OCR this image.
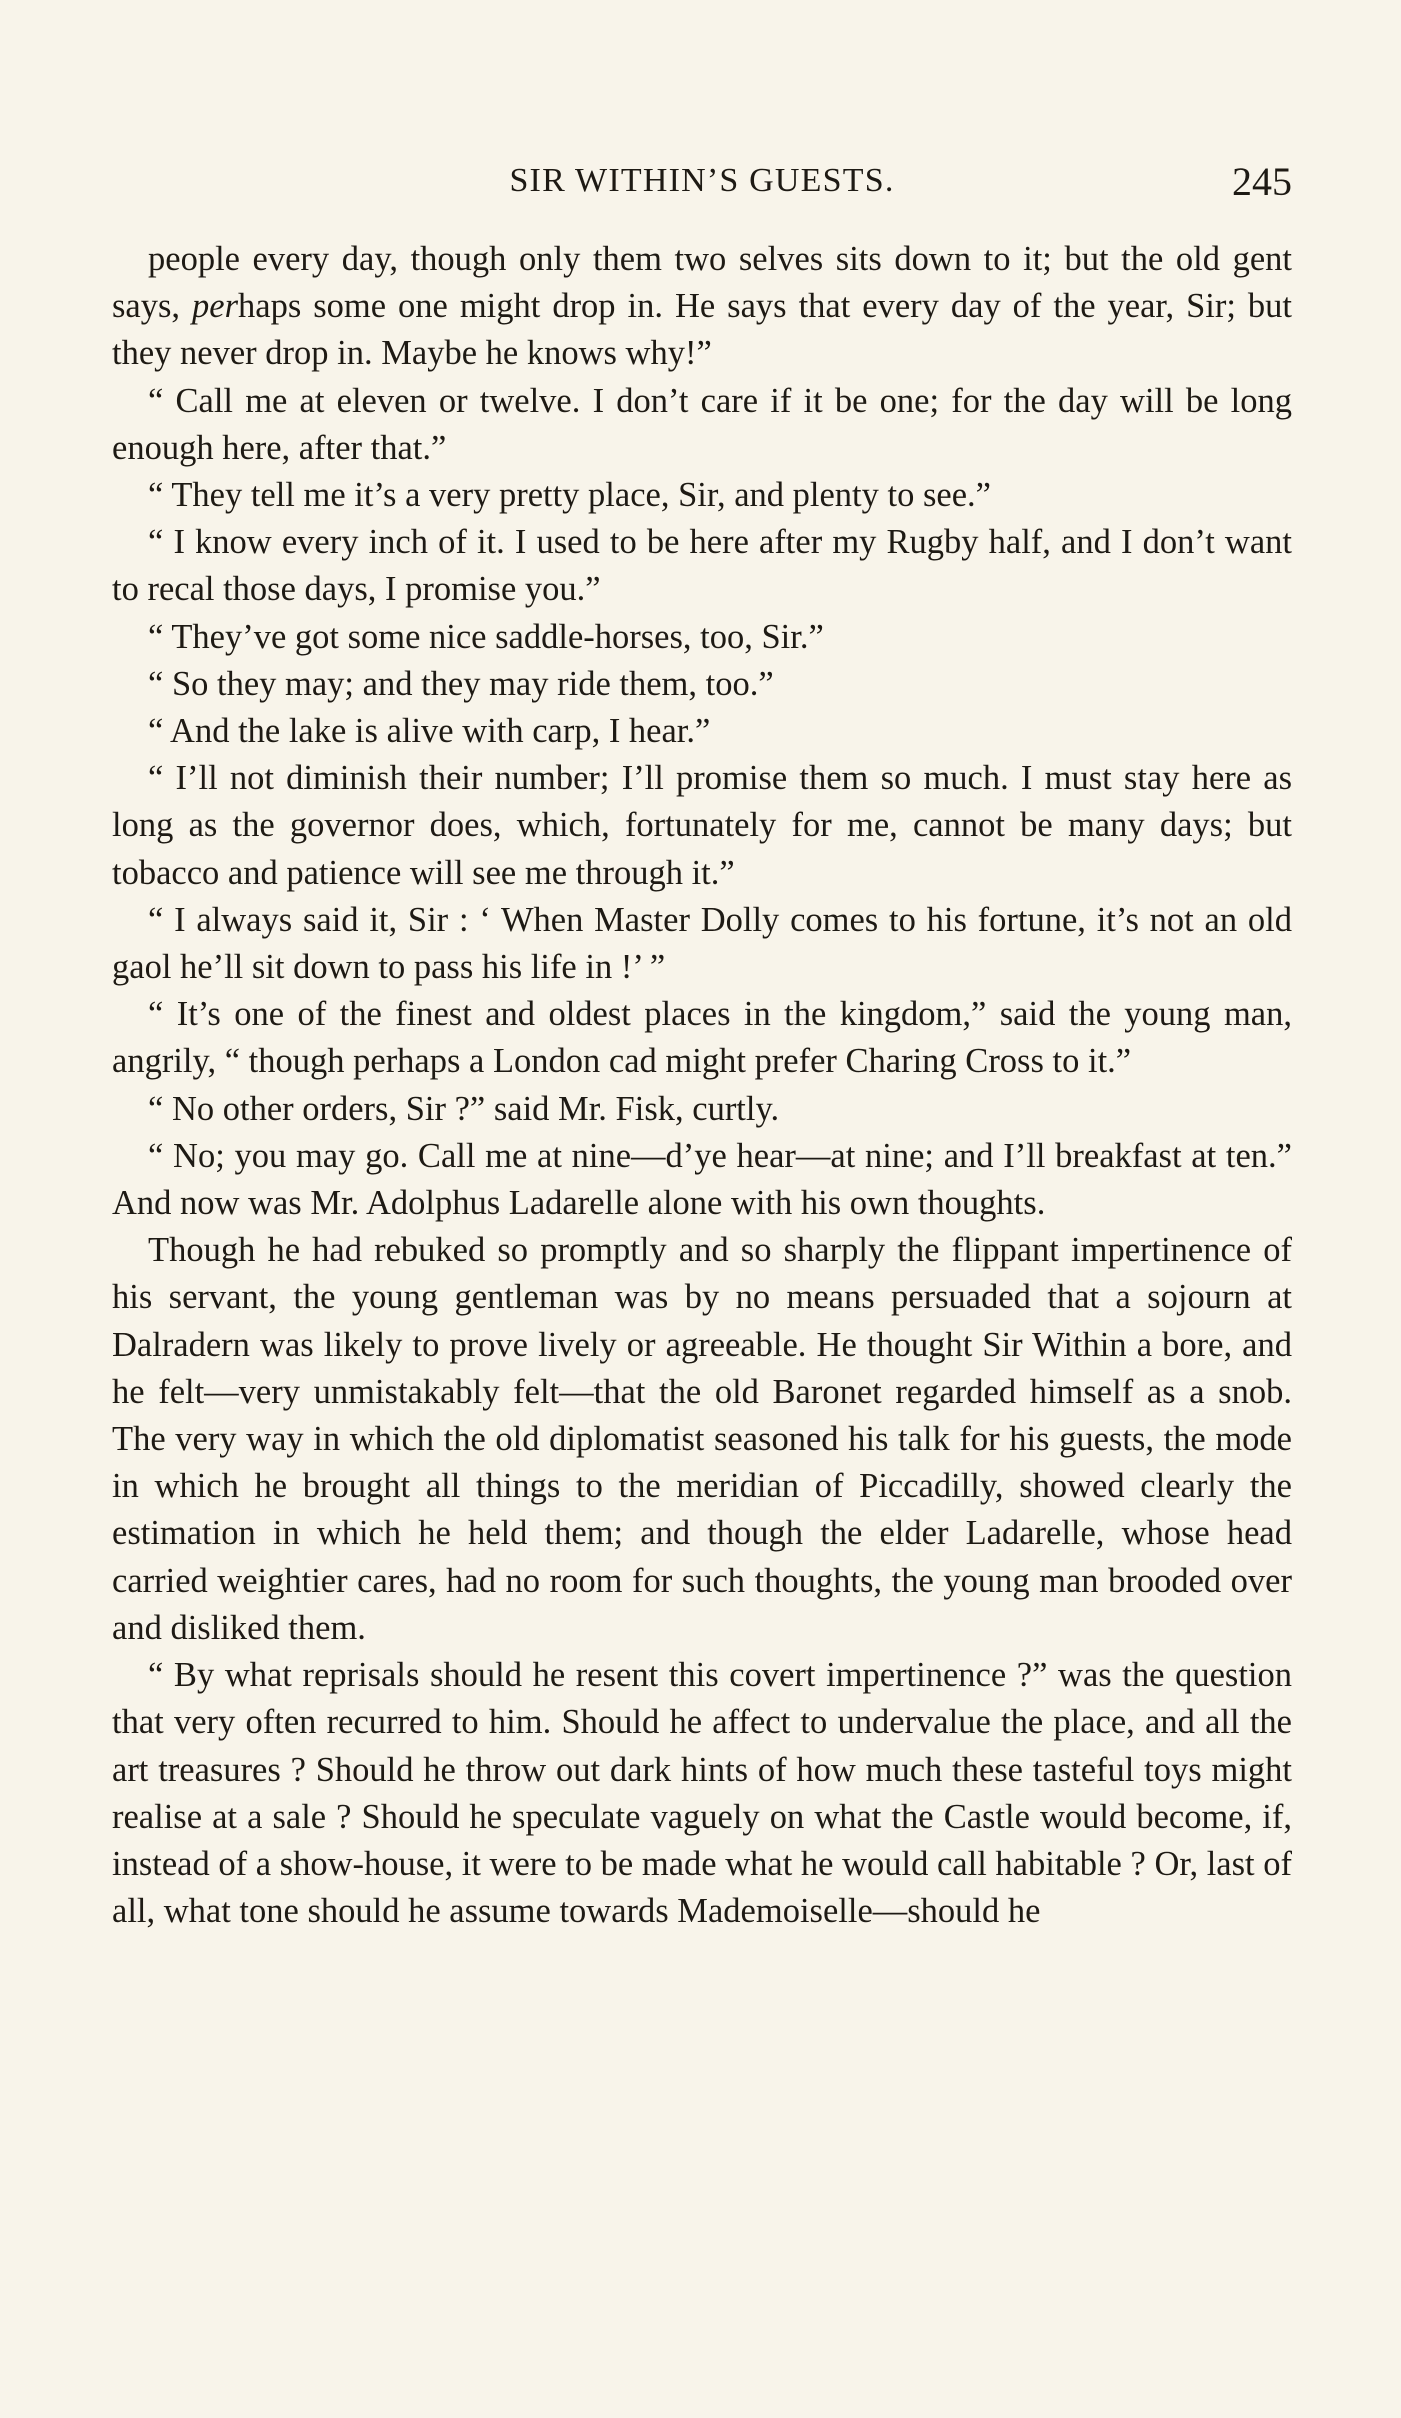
SIR WITHIN’S GUESTS.	245

people every day, though only them two selves sits down to it; but the old gent says, perhaps some one might drop in. He says that every day of the year, Sir; but they never drop in. Maybe he knows why!”

“ Call me at eleven or twelve. I don’t care if it be one; for the day will be long enough here, after that.”

“ They tell me it’s a very pretty place, Sir, and plenty to see.”

“ I know every inch of it. I used to be here after my Rugby half, and I don’t want to recal those days, I promise you.”

“ They’ve got some nice saddle-horses, too, Sir.”

“ So they may; and they may ride them, too.”

“ And the lake is alive with carp, I hear.”

“ I’ll not diminish their number; I’ll promise them so much. I must stay here as long as the governor does, which, fortunately for me, cannot be many days; but tobacco and patience will see me through it.”

“ I always said it, Sir : ‘ When Master Dolly comes to his fortune, it’s not an old gaol he’ll sit down to pass his life in !’ ”

“ It’s one of the finest and oldest places in the kingdom,” said the young man, angrily, “ though perhaps a London cad might prefer Charing Cross to it.”

“ No other orders, Sir ?” said Mr. Fisk, curtly.

“ No; you may go. Call me at nine—d’ye hear—at nine; and I’ll breakfast at ten.” And now was Mr. Adolphus Ladarelle alone with his own thoughts.

Though he had rebuked so promptly and so sharply the flippant impertinence of his servant, the young gentleman was by no means persuaded that a sojourn at Dalradern was likely to prove lively or agreeable. He thought Sir Within a bore, and he felt—very unmistakably felt—that the old Baronet regarded himself as a snob. The very way in which the old diplomatist seasoned his talk for his guests, the mode in which he brought all things to the meridian of Piccadilly, showed clearly the estimation in which he held them; and though the elder Ladarelle, whose head carried weightier cares, had no room for such thoughts, the young man brooded over and disliked them.

“ By what reprisals should he resent this covert impertinence ?” was the question that very often recurred to him. Should he affect to undervalue the place, and all the art treasures ? Should he throw out dark hints of how much these tasteful toys might realise at a sale ? Should he speculate vaguely on what the Castle would become, if, instead of a show-house, it were to be made what he would call habitable ? Or, last of all, what tone should he assume towards Mademoiselle—should he
